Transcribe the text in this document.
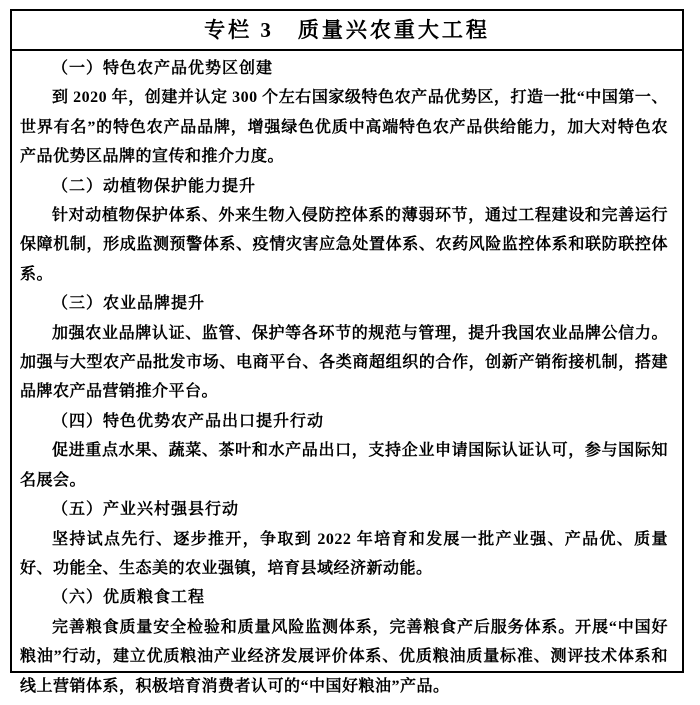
专栏 3　质量兴农重大工程
（一）特色农产品优势区创建

到 2020 年，创建并认定 300 个左右国家级特色农产品优势区，打造一批“中国第一、世界有名”的特色农产品品牌，增强绿色优质中高端特色农产品供给能力，加大对特色农产品优势区品牌的宣传和推介力度。

（二）动植物保护能力提升

针对动植物保护体系、外来生物入侵防控体系的薄弱环节，通过工程建设和完善运行保障机制，形成监测预警体系、疫情灾害应急处置体系、农药风险监控体系和联防联控体系。

（三）农业品牌提升

加强农业品牌认证、监管、保护等各环节的规范与管理，提升我国农业品牌公信力。加强与大型农产品批发市场、电商平台、各类商超组织的合作，创新产销衔接机制，搭建品牌农产品营销推介平台。

（四）特色优势农产品出口提升行动

促进重点水果、蔬菜、茶叶和水产品出口，支持企业申请国际认证认可，参与国际知名展会。

（五）产业兴村强县行动

坚持试点先行、逐步推开，争取到 2022 年培育和发展一批产业强、产品优、质量好、功能全、生态美的农业强镇，培育县域经济新动能。

（六）优质粮食工程

完善粮食质量安全检验和质量风险监测体系，完善粮食产后服务体系。开展“中国好粮油”行动，建立优质粮油产业经济发展评价体系、优质粮油质量标准、测评技术体系和线上营销体系，积极培育消费者认可的“中国好粮油”产品。
